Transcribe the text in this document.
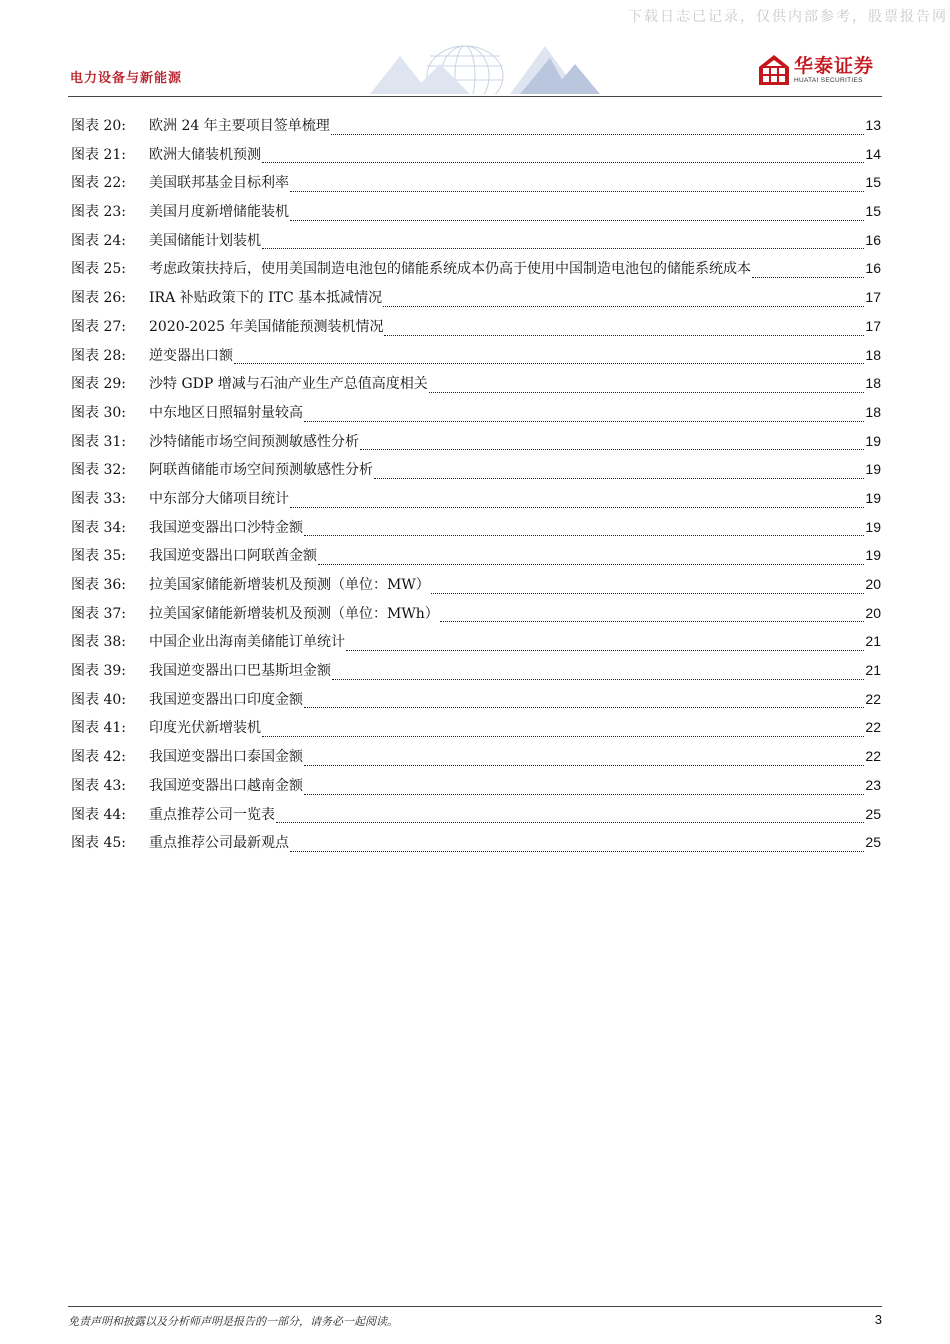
下载日志已记录，仅供内部参考，股票报告网
电力设备与新能源
华泰证券
HUATAI SECURITIES
图表 20:	欧洲 24 年主要项目签单梳理	13
图表 21:	欧洲大储装机预测	14
图表 22:	美国联邦基金目标利率	15
图表 23:	美国月度新增储能装机	15
图表 24:	美国储能计划装机	16
图表 25:	考虑政策扶持后，使用美国制造电池包的储能系统成本仍高于使用中国制造电池包的储能系统成本	16
图表 26:	IRA 补贴政策下的 ITC 基本抵减情况	17
图表 27:	2020-2025 年美国储能预测装机情况	17
图表 28:	逆变器出口额	18
图表 29:	沙特 GDP 增减与石油产业生产总值高度相关	18
图表 30:	中东地区日照辐射量较高	18
图表 31:	沙特储能市场空间预测敏感性分析	19
图表 32:	阿联酋储能市场空间预测敏感性分析	19
图表 33:	中东部分大储项目统计	19
图表 34:	我国逆变器出口沙特金额	19
图表 35:	我国逆变器出口阿联酋金额	19
图表 36:	拉美国家储能新增装机及预测（单位：MW）	20
图表 37:	拉美国家储能新增装机及预测（单位：MWh）	20
图表 38:	中国企业出海南美储能订单统计	21
图表 39:	我国逆变器出口巴基斯坦金额	21
图表 40:	我国逆变器出口印度金额	22
图表 41:	印度光伏新增装机	22
图表 42:	我国逆变器出口泰国金额	22
图表 43:	我国逆变器出口越南金额	23
图表 44:	重点推荐公司一览表	25
图表 45:	重点推荐公司最新观点	25
免责声明和披露以及分析师声明是报告的一部分，请务必一起阅读。	3
